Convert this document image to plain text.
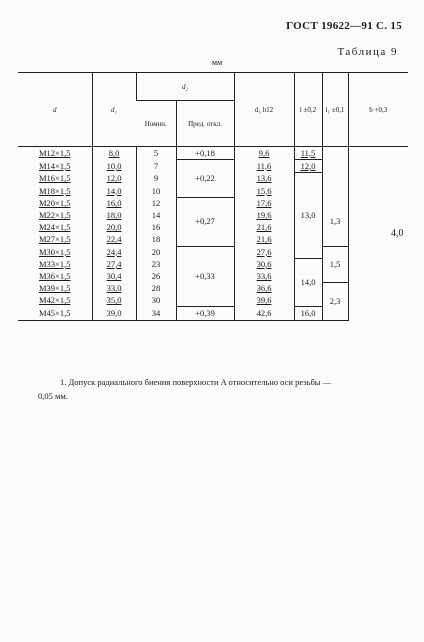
ГОСТ 19622—91 С. 15
Таблица 9
мм
d	d₁	d₂		d₃ h12	l ±0,2	l₁ ±0,1	b +0,3
		Номин.	Пред. откл.				
M12×1,5	8,0	5	+0,18	9,6	11,5		4,0
M14×1,5	10,0	7	+0,22	11,6	12,0		
M16×1,5	12,0	9		13,6	13,0		
M18×1,5	14,0	10		15,6			
M20×1,5	16,0	12	+0,27	17,6		1,3	
M22×1,5	18,0	14		19,6			
M24×1,5	20,0	16		21,6			
M27×1,5	22,4	18		21,6			
M30×1,5	24,4	20	+0,33	27,6		1,5	
M33×1,5	27,4	23		30,6	14,0		
M36×1,5	30,4	26		33,6			
M39×1,5	33,0	28		36,6		2,3	
M42×1,5	35,0	30		39,6			
M45×1,5	39,0	34	+0,39	42,6	16,0		
1. Допуск радиального биения поверхности A относительно оси резьбы —
0,05 мм.
